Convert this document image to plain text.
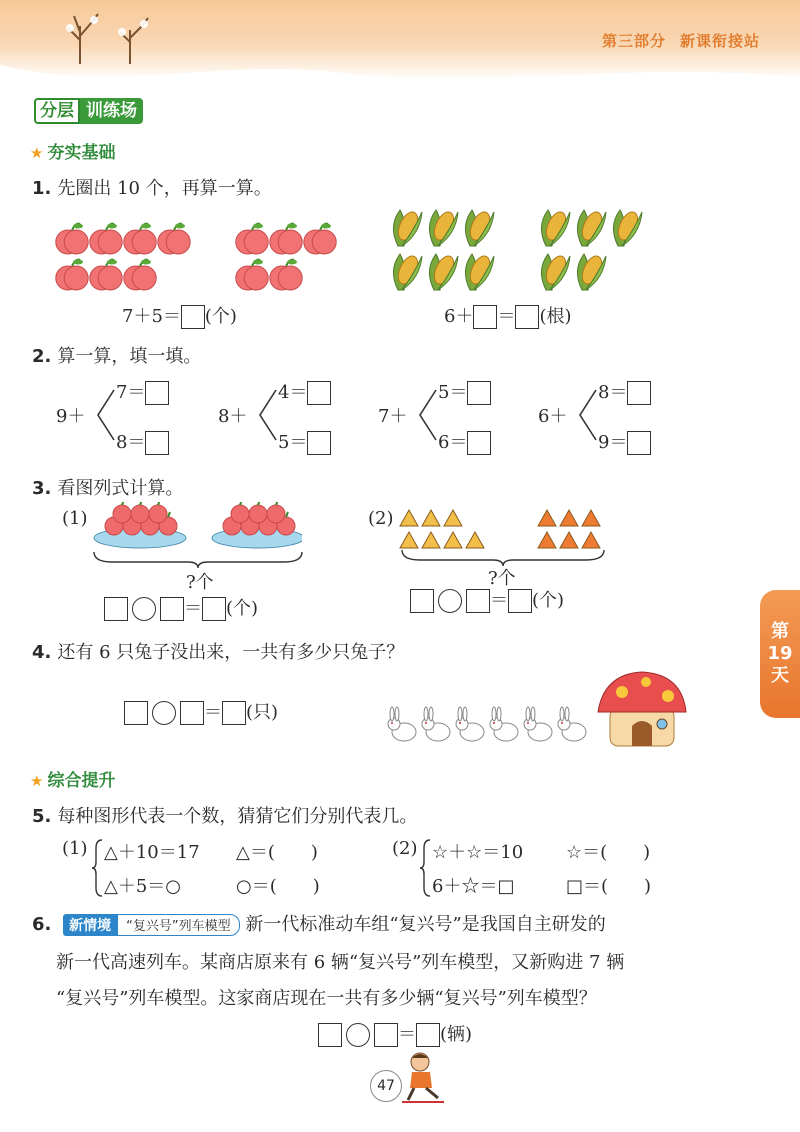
第三部分 新课衔接站
分层 训练场
★ 夯实基础
1. 先圈出 10 个，再算一算。
7＋5＝ (个)	6＋ ＝ (根)
2. 算一算，填一填。
9＋
7＝
8＝
8＋
4＝
5＝
7＋
5＝
6＝
6＋
8＝
9＝
3. 看图列式计算。
(1)
?个
＝ (个)
(2)
?个
＝ (个)
第
19
天
4. 还有 6 只兔子没出来，一共有多少只兔子？
＝ (只)
★ 综合提升
5. 每种图形代表一个数，猜猜它们分别代表几。
(1) △＋10＝17
△＋5＝○
△＝(　　)
○＝(　　)
(2) ☆＋☆＝10
6＋☆＝□
☆＝(　　)
□＝(　　)
6.	新情境	“复兴号”列车模型 新一代标准动车组“复兴号”是我国自主研发的
新一代高速列车。某商店原来有 6 辆“复兴号”列车模型，又新购进 7 辆
“复兴号”列车模型。这家商店现在一共有多少辆“复兴号”列车模型？
＝ (辆)
47
